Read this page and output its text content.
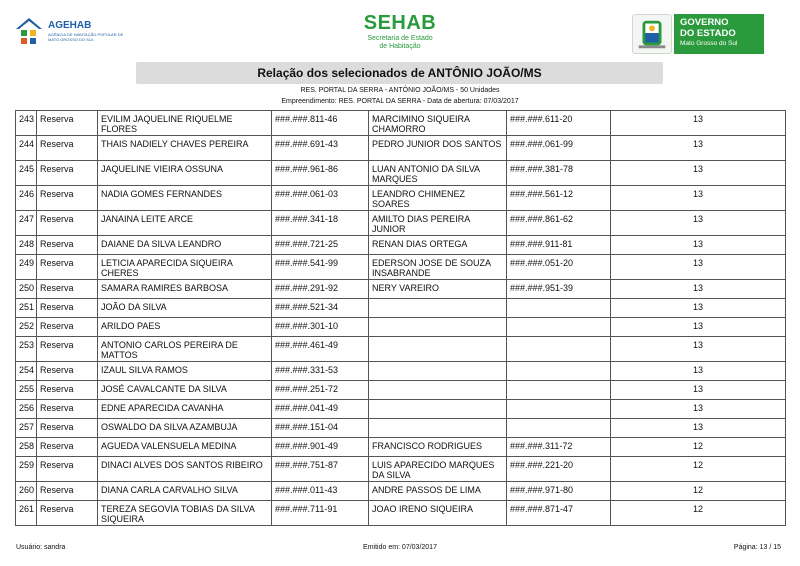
AGEHAB
AGÊNCIA DE HABITAÇÃO POPULAR DE MATO GROSSO DO SUL
SEHAB
Secretaria de Estado
de Habitação
GOVERNO
DO ESTADO
Mato Grosso do Sul
Relação dos selecionados de ANTÔNIO JOÃO/MS
RES. PORTAL DA SERRA - ANTÔNIO JOÃO/MS - 50 Unidades
Empreendimento: RES. PORTAL DA SERRA - Data de abertura: 07/03/2017
243	Reserva	EVILIM JAQUELINE RIQUELME FLORES	###.###.811-46	MARCIMINO SIQUEIRA CHAMORRO	###.###.611-20	13
244	Reserva	THAIS NADIELY CHAVES PEREIRA	###.###.691-43	PEDRO JUNIOR DOS SANTOS	###.###.061-99	13
245	Reserva	JAQUELINE VIEIRA OSSUNA	###.###.961-86	LUAN ANTONIO DA SILVA MARQUES	###.###.381-78	13
246	Reserva	NADIA GOMES FERNANDES	###.###.061-03	LEANDRO CHIMENEZ SOARES	###.###.561-12	13
247	Reserva	JANAINA LEITE ARCE	###.###.341-18	AMILTO DIAS PEREIRA JUNIOR	###.###.861-62	13
248	Reserva	DAIANE DA SILVA LEANDRO	###.###.721-25	RENAN DIAS ORTEGA	###.###.911-81	13
249	Reserva	LETICIA APARECIDA SIQUEIRA CHERES	###.###.541-99	EDERSON JOSE DE SOUZA INSABRANDE	###.###.051-20	13
250	Reserva	SAMARA RAMIRES BARBOSA	###.###.291-92	NERY VAREIRO	###.###.951-39	13
251	Reserva	JOÃO DA SILVA	###.###.521-34			13
252	Reserva	ARILDO PAES	###.###.301-10			13
253	Reserva	ANTONIO CARLOS PEREIRA DE MATTOS	###.###.461-49			13
254	Reserva	IZAUL SILVA RAMOS	###.###.331-53			13
255	Reserva	JOSÉ CAVALCANTE DA SILVA	###.###.251-72			13
256	Reserva	EDNE APARECIDA CAVANHA	###.###.041-49			13
257	Reserva	OSWALDO DA SILVA AZAMBUJA	###.###.151-04			13
258	Reserva	AGUEDA VALENSUELA MEDINA	###.###.901-49	FRANCISCO RODRIGUES	###.###.311-72	12
259	Reserva	DINACI ALVES DOS SANTOS RIBEIRO	###.###.751-87	LUIS APARECIDO MARQUES DA SILVA	###.###.221-20	12
260	Reserva	DIANA CARLA CARVALHO SILVA	###.###.011-43	ANDRE PASSOS DE LIMA	###.###.971-80	12
261	Reserva	TEREZA SEGOVIA TOBIAS DA SILVA SIQUEIRA	###.###.711-91	JOAO IRENO SIQUEIRA	###.###.871-47	12
Usuário: sandra	Emitido em: 07/03/2017	Página: 13 / 15
